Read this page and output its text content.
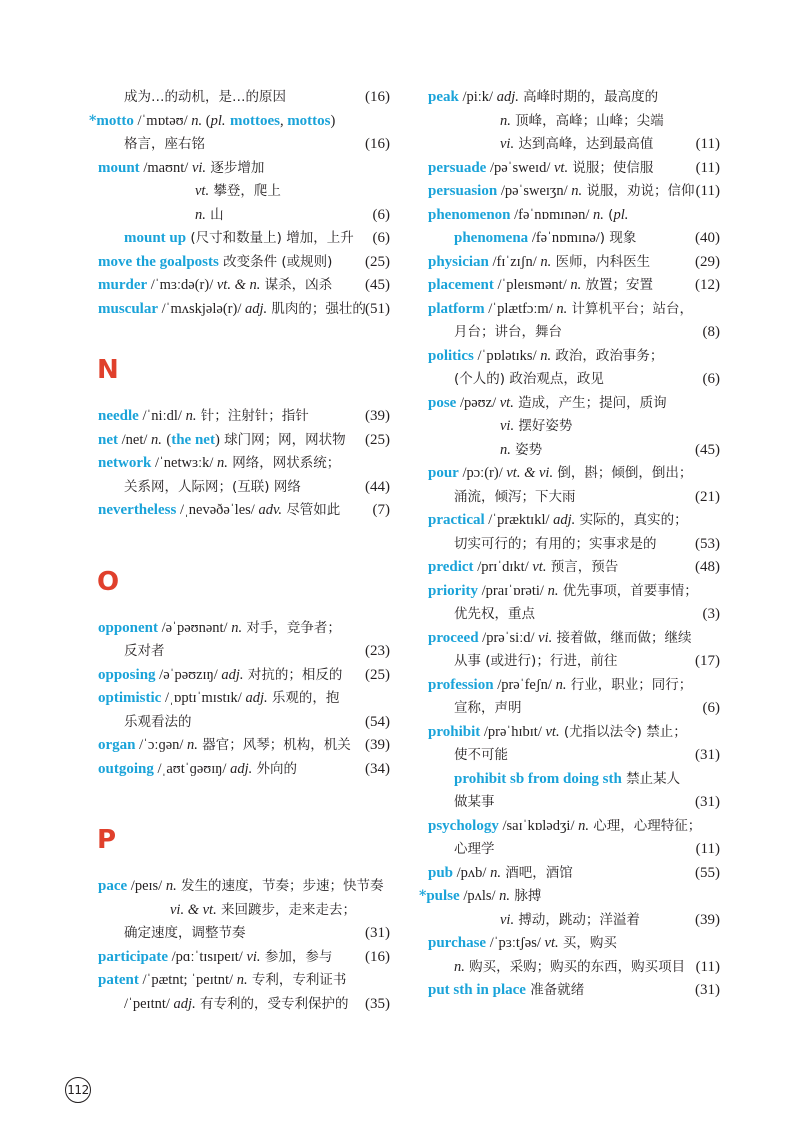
成为…的动机，是…的原因	(16)
*motto /ˈmɒtəʊ/ n. (pl. mottoes, mottos)
格言，座右铭	(16)
mount /maʊnt/ vi. 逐步增加
vt. 攀登，爬上
n. 山	(6)
mount up (尺寸和数量上) 增加，上升 (6)
move the goalposts 改变条件 (或规则) (25)
murder /ˈmɜːdə(r)/ vt. & n. 谋杀，凶杀 (45)
muscular /ˈmʌskjələ(r)/ adj. 肌肉的；强壮的 (51)
N
needle /ˈniːdl/ n. 针；注射针；指针	(39)
net /net/ n. (the net) 球门网；网，网状物 (25)
network /ˈnetwɜːk/ n. 网络，网状系统；
关系网，人际网；(互联) 网络	(44)
nevertheless /ˌnevəðəˈles/ adv. 尽管如此 (7)
O
opponent /əˈpəʊnənt/ n. 对手，竞争者；
反对者	(23)
opposing /əˈpəʊzɪŋ/ adj. 对抗的；相反的 (25)
optimistic /ˌɒptɪˈmɪstɪk/ adj. 乐观的，抱
乐观看法的	(54)
organ /ˈɔːɡən/ n. 器官；风琴；机构，机关 (39)
outgoing /ˌaʊtˈɡəʊɪŋ/ adj. 外向的	(34)
P
pace /peɪs/ n. 发生的速度，节奏；步速；快节奏
vi. & vt. 来回踱步，走来走去；
确定速度，调整节奏	(31)
participate /pɑːˈtɪsɪpeɪt/ vi. 参加，参与 (16)
patent /ˈpætnt; ˈpeɪtnt/ n. 专利，专利证书
/ˈpeɪtnt/ adj. 有专利的，受专利保护的 (35)
peak /piːk/ adj. 高峰时期的，最高度的
n. 顶峰，高峰；山峰；尖端
vi. 达到高峰，达到最高值	(11)
persuade /pəˈsweɪd/ vt. 说服；使信服	(11)
persuasion /pəˈsweɪʒn/ n. 说服，劝说；信仰 (11)
phenomenon /fəˈnɒmɪnən/ n. (pl.
phenomena /fəˈnɒmɪnə/) 现象	(40)
physician /fɪˈzɪʃn/ n. 医师，内科医生	(29)
placement /ˈpleɪsmənt/ n. 放置；安置	(12)
platform /ˈplætfɔːm/ n. 计算机平台；站台，
月台；讲台，舞台	(8)
politics /ˈpɒlətɪks/ n. 政治，政治事务；
(个人的) 政治观点，政见	(6)
pose /pəʊz/ vt. 造成，产生；提问，质询
vi. 摆好姿势
n. 姿势	(45)
pour /pɔː(r)/ vt. & vi. 倒，斟；倾倒，倒出；
涌流，倾泻；下大雨	(21)
practical /ˈpræktɪkl/ adj. 实际的，真实的；
切实可行的；有用的；实事求是的	(53)
predict /prɪˈdɪkt/ vt. 预言，预告	(48)
priority /praɪˈɒrəti/ n. 优先事项，首要事情；
优先权，重点	(3)
proceed /prəˈsiːd/ vi. 接着做，继而做；继续
从事 (或进行)；行进，前往	(17)
profession /prəˈfeʃn/ n. 行业，职业；同行；
宣称，声明	(6)
prohibit /prəˈhɪbɪt/ vt. (尤指以法令) 禁止；
使不可能	(31)
prohibit sb from doing sth 禁止某人
做某事	(31)
psychology /saɪˈkɒlədʒi/ n. 心理，心理特征；
心理学	(11)
pub /pʌb/ n. 酒吧，酒馆	(55)
*pulse /pʌls/ n. 脉搏
vi. 搏动，跳动；洋溢着	(39)
purchase /ˈpɜːtʃəs/ vt. 买，购买
n. 购买，采购；购买的东西，购买项目 (11)
put sth in place 准备就绪	(31)
112
